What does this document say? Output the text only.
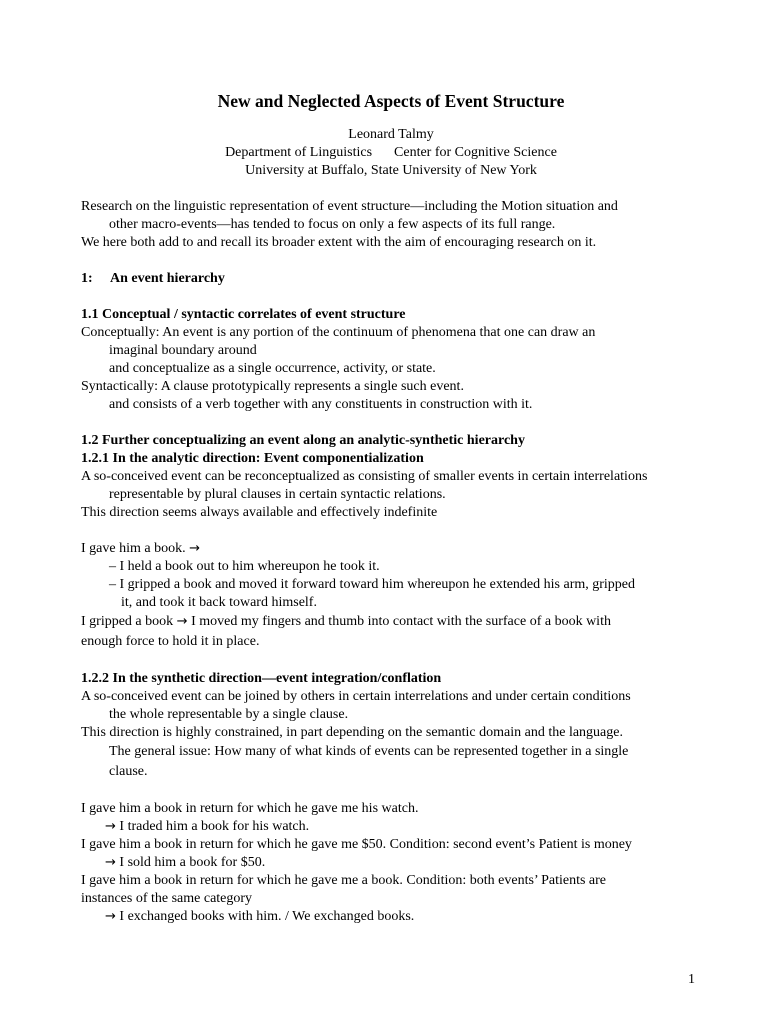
New and Neglected Aspects of Event Structure
Leonard Talmy
Department of Linguistics Center for Cognitive Science
University at Buffalo, State University of New York

Research on the linguistic representation of event structure—including the Motion situation and
other macro-events—has tended to focus on only a few aspects of its full range.

We here both add to and recall its broader extent with the aim of encouraging research on it.

1: An event hierarchy

1.1 Conceptual / syntactic correlates of event structure

Conceptually: An event is any portion of the continuum of phenomena that one can draw an
imaginal boundary around
and conceptualize as a single occurrence, activity, or state.

Syntactically: A clause prototypically represents a single such event.
and consists of a verb together with any constituents in construction with it.

1.2 Further conceptualizing an event along an analytic-synthetic hierarchy

1.2.1 In the analytic direction: Event componentialization

A so-conceived event can be reconceptualized as consisting of smaller events in certain interrelations
representable by plural clauses in certain syntactic relations.

This direction seems always available and effectively indefinite

I gave him a book. →

– I held a book out to him whereupon he took it.

– I gripped a book and moved it forward toward him whereupon he extended his arm, gripped
it, and took it back toward himself.

I gripped a book → I moved my fingers and thumb into contact with the surface of a book with
enough force to hold it in place.

1.2.2 In the synthetic direction—event integration/conflation

A so-conceived event can be joined by others in certain interrelations and under certain conditions
the whole representable by a single clause.

This direction is highly constrained, in part depending on the semantic domain and the language.

The general issue: How many of what kinds of events can be represented together in a single
clause.

I gave him a book in return for which he gave me his watch.

→ I traded him a book for his watch.

I gave him a book in return for which he gave me $50. Condition: second event’s Patient is money

→ I sold him a book for $50.

I gave him a book in return for which he gave me a book. Condition: both events’ Patients are
instances of the same category

→ I exchanged books with him. / We exchanged books.

1
